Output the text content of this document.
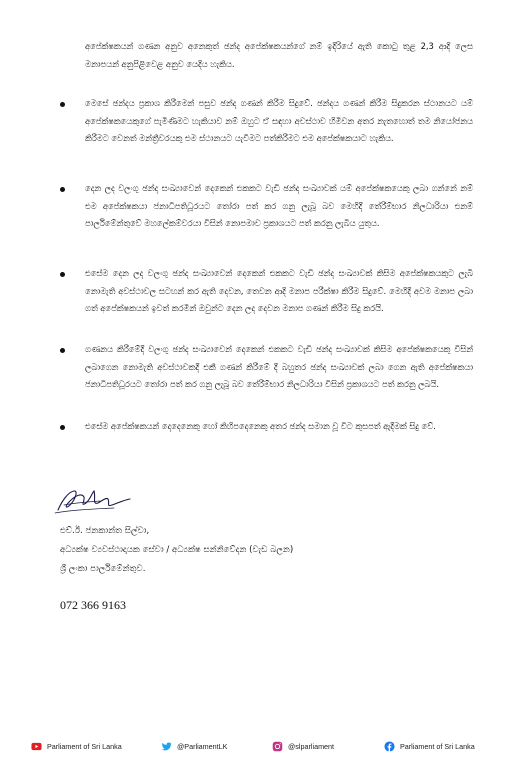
අපේක්ෂකයන් ගණන අනුව අනෙකුත් ඡන්ද අපේක්ෂකයන්ගේ නම් ඉදිරියේ ඇති කොටු තුළ 2,3 ආදි ලෙස මනාපයන් අනුපිළිවෙළ අනුව යෙදිය හැකිය.

මෙසේ ඡන්දය ප්‍රකාශ කිරීමෙන් පසුව ඡන්ද ගණන් කිරීම සිදුවේ. ඡන්දය ගණන් කිරීම සිදුකරන ස්ථානයට යම් අපේක්ෂකයෙකුගේ පැමිණීමට හැකියාව නම් ඔහුට ඒ සඳහා අවස්ථාව හිමිවන අතර නැතහොත් තම නියෝජනය කිරීමට වෙනත් මන්ත්‍රීවරයකු එම ස්ථානයට යැවීමට පත්කිරීමට එම අපේක්ෂකයාට හැකිය.

දෙන ලද වලංගු ඡන්ද සංඛ්‍යාවෙන් දෙකෙන් එකකට වැඩි ඡන්ද සංඛ්‍යාවක් යම් අපේක්ෂකයෙකු ලබා ගන්නේ නම් එම අපේක්ෂකයා ජනාධිපතිධූරයට තෝරා පත් කර ගනු ලැබූ බව මෙහිදී තේරීම්භාර නිලධාරියා එනම් පාර්ලිමේන්තුවේ මහලේකම්වරයා විසින් නොපමාව ප්‍රකාශයට පත් කරනු ලැබිය යුතුය.

එසේම දෙන ලද වලංගු ඡන්ද සංඛ්‍යාවෙන් දෙකෙන් එකකට වැඩි ඡන්ද සංඛ්‍යාවක් කිසිම අපේක්ෂකයකුට ලැබී නොමැති අවස්ථාවල සටහන් කර ඇති දෙවන, තෙවන ආදි මනාප පරීක්ෂා කිරීම සිදුවේ. මෙහිදී අවම මනාප ලබා ගත් අපේක්ෂකයන් ඉවත් කරමින් ඔවුන්ට දෙන ලද දෙවන මනාප ගණන් කිරීම සිදු කරයි.

ගණනය කිරීමේදී වලංගු ඡන්ද සංඛ්‍යාවෙන් දෙකෙන් එකකට වැඩි ඡන්ද සංඛ්‍යාවක් කිසිම අපේක්ෂකයෙකු විසින් ලබාගෙන නොමැති අවස්ථාවකදී එකී ගණන් කිරීමේ දී බහුතර ඡන්ද සංඛ්‍යාවක් ලබා ගෙන ඇති අපේක්ෂකයා ජනාධිපතිධූරයට තෝරා පත් කර ගනු ලැබූ බව තේරීම්භාර නිලධාරියා විසින් ප්‍රකාශයට පත් කරනු ලබයි.

එසේම අපේක්ෂකයන් දෙදෙනෙකු හෝ කිහිපදෙනෙකු අතර ඡන්ද සමාන වූ විට කුසපත් ඇදීමක් සිදු වේ.

එච්.ඊ. ජනකාන්ත සිල්වා,

අධ්‍යක්ෂ ව්‍යවස්ථාදායක සේවා / අධ්‍යක්ෂ සන්නිවේදන (වැඩ බලන)

ශ්‍රී ලංකා පාර්ලිමේන්තුව.

072 366 9163

Parliament of Sri Lanka	@ParliamentLK	@slparliament	Parliament of Sri Lanka
